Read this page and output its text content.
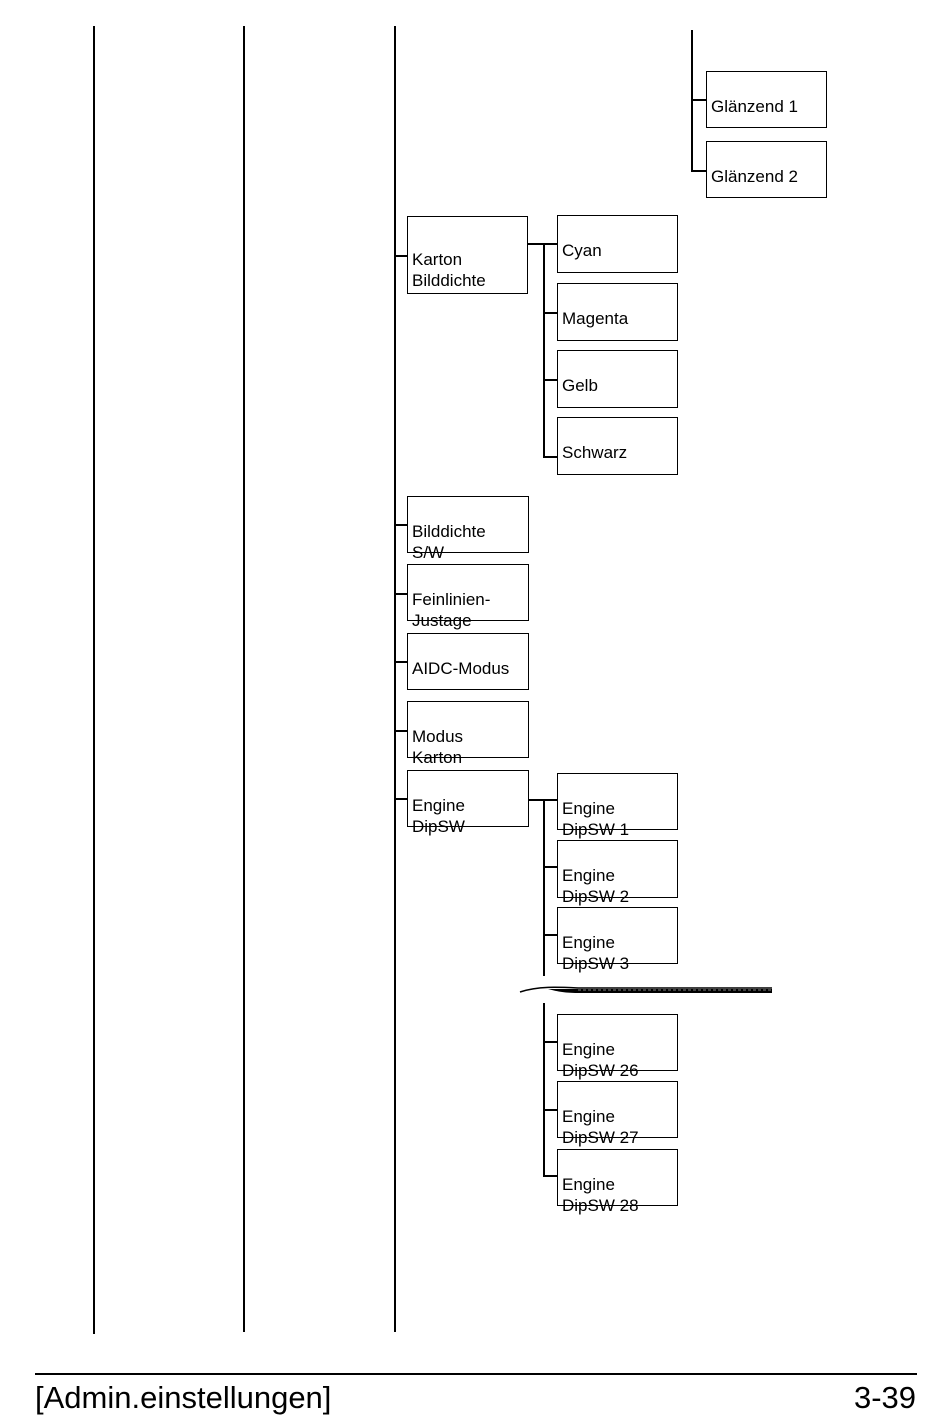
Glänzend 1

Glänzend 2

Karton
Bilddichte

Bilddichte
S/W

Feinlinien-
Justage

AIDC-Modus

Modus
Karton

Engine
DipSW

Cyan

Magenta

Gelb

Schwarz

Engine
DipSW 1

Engine
DipSW 2

Engine
DipSW 3

Engine
DipSW 26

Engine
DipSW 27

Engine
DipSW 28

[Admin.einstellungen]	3-39
